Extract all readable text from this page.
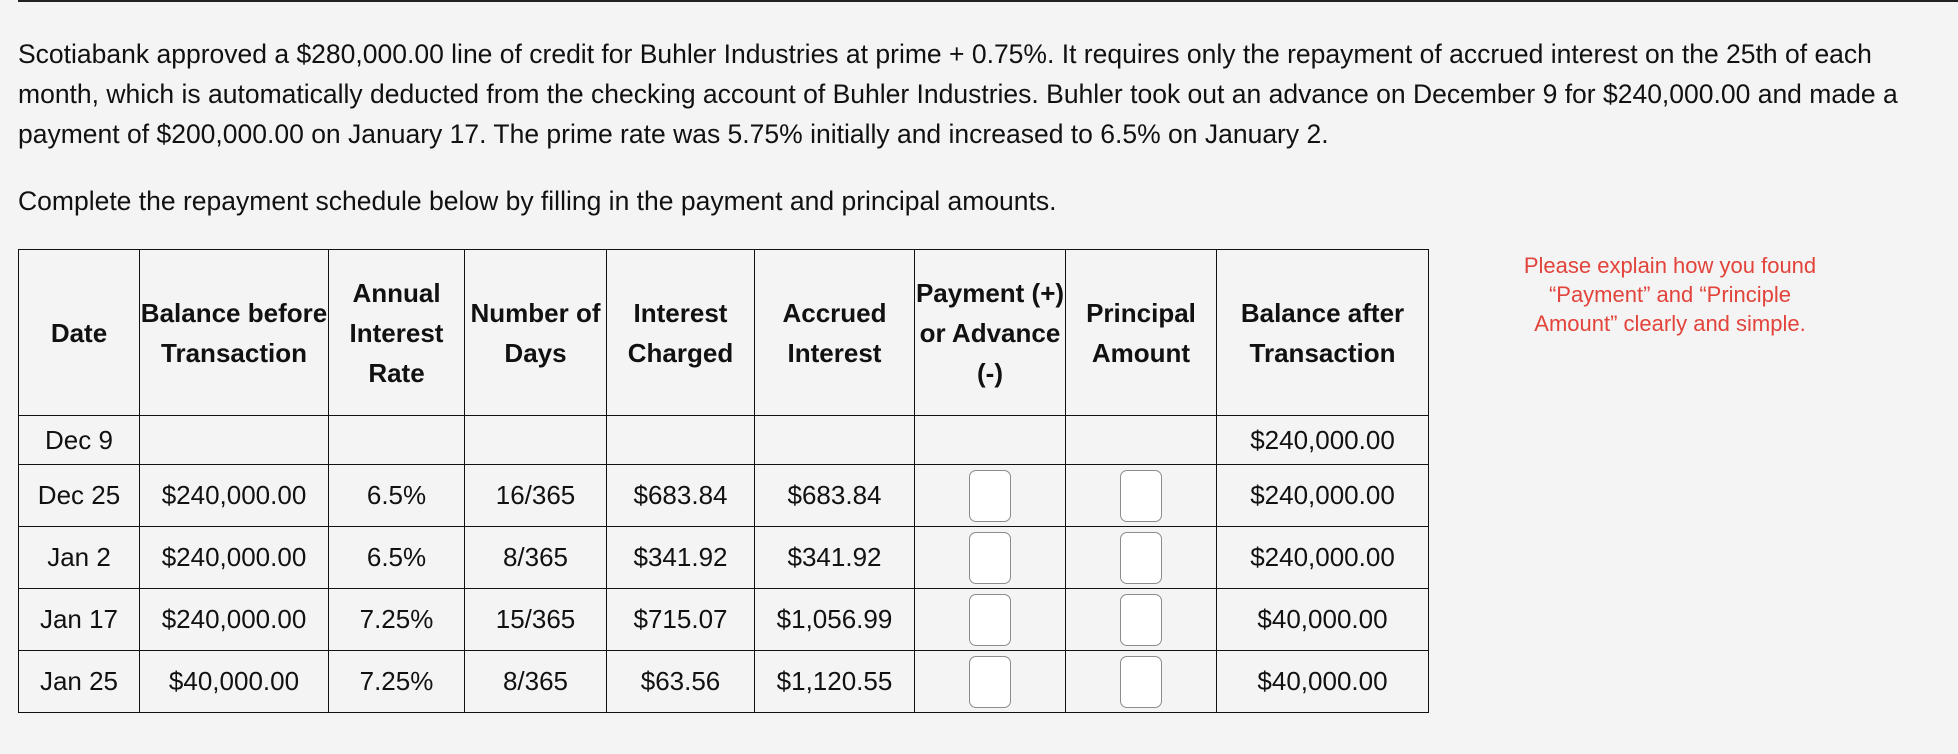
Scotiabank approved a $280,000.00 line of credit for Buhler Industries at prime + 0.75%. It requires only the repayment of accrued interest on the 25th of each month, which is automatically deducted from the checking account of Buhler Industries. Buhler took out an advance on December 9 for $240,000.00 and made a payment of $200,000.00 on January 17. The prime rate was 5.75% initially and increased to 6.5% on January 2.

Complete the repayment schedule below by filling in the payment and principal amounts.

Date	Balance before Transaction	Annual Interest Rate	Number of Days	Interest Charged	Accrued Interest	Payment (+) or Advance (-)	Principal Amount	Balance after Transaction
Dec 9								$240,000.00
Dec 25	$240,000.00	6.5%	16/365	$683.84	$683.84			$240,000.00
Jan 2	$240,000.00	6.5%	8/365	$341.92	$341.92			$240,000.00
Jan 17	$240,000.00	7.25%	15/365	$715.07	$1,056.99			$40,000.00
Jan 25	$40,000.00	7.25%	8/365	$63.56	$1,120.55			$40,000.00

Please explain how you found “Payment” and “Principle Amount” clearly and simple.
